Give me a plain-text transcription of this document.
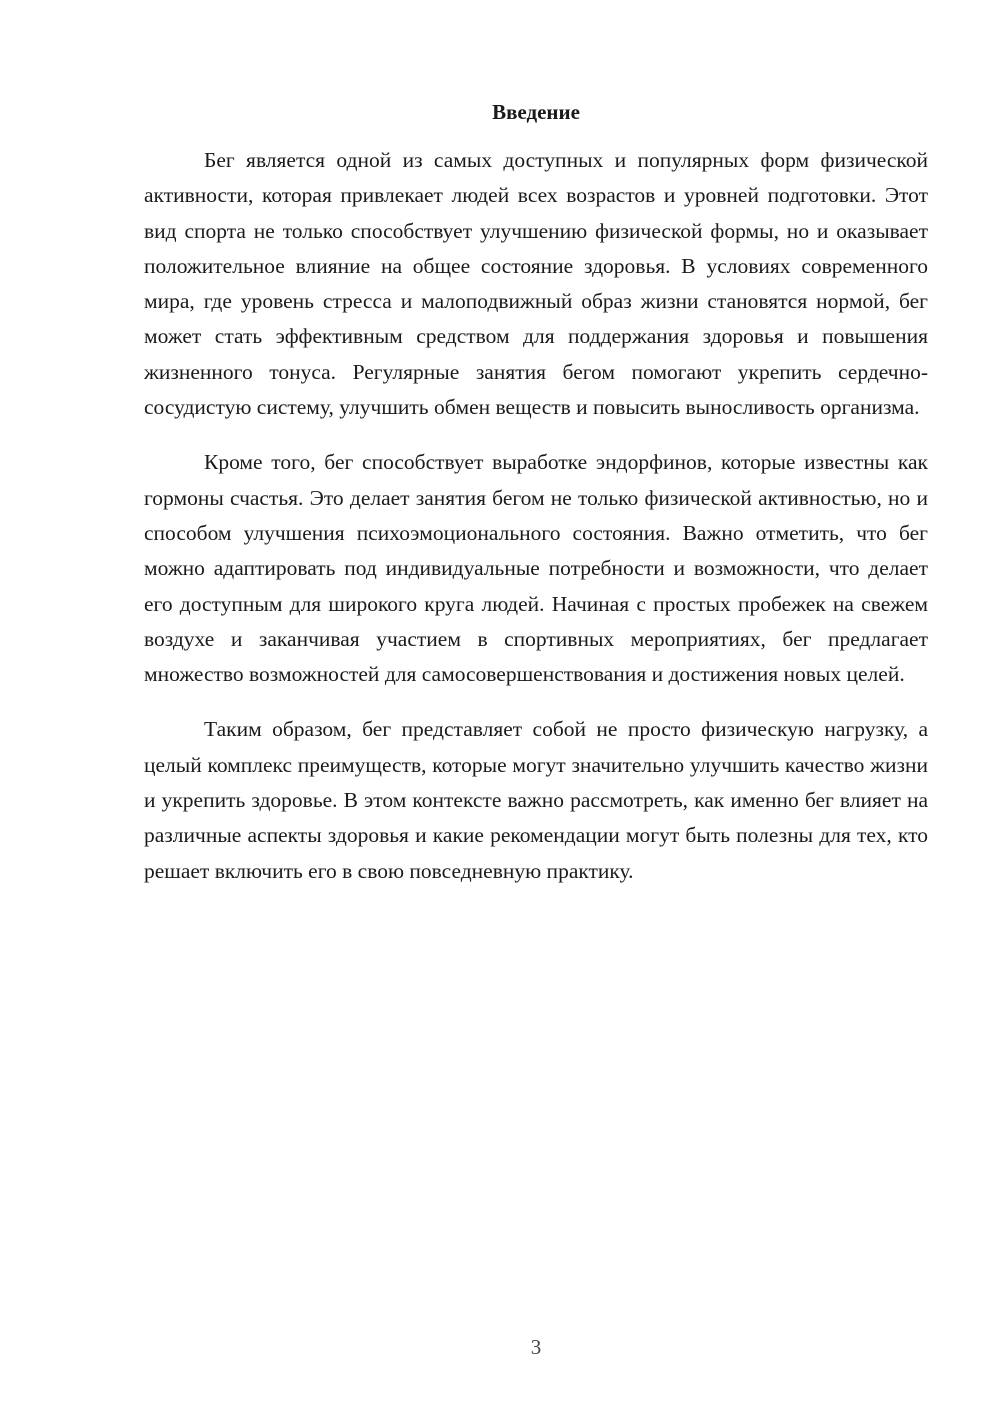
Введение

Бег является одной из самых доступных и популярных форм физической активности, которая привлекает людей всех возрастов и уровней подготовки. Этот вид спорта не только способствует улучшению физической формы, но и оказывает положительное влияние на общее состояние здоровья. В условиях современного мира, где уровень стресса и малоподвижный образ жизни становятся нормой, бег может стать эффективным средством для поддержания здоровья и повышения жизненного тонуса. Регулярные занятия бегом помогают укрепить сердечно-сосудистую систему, улучшить обмен веществ и повысить выносливость организма.

Кроме того, бег способствует выработке эндорфинов, которые известны как гормоны счастья. Это делает занятия бегом не только физической активностью, но и способом улучшения психоэмоционального состояния. Важно отметить, что бег можно адаптировать под индивидуальные потребности и возможности, что делает его доступным для широкого круга людей. Начиная с простых пробежек на свежем воздухе и заканчивая участием в спортивных мероприятиях, бег предлагает множество возможностей для самосовершенствования и достижения новых целей.

Таким образом, бег представляет собой не просто физическую нагрузку, а целый комплекс преимуществ, которые могут значительно улучшить качество жизни и укрепить здоровье. В этом контексте важно рассмотреть, как именно бег влияет на различные аспекты здоровья и какие рекомендации могут быть полезны для тех, кто решает включить его в свою повседневную практику.

3
